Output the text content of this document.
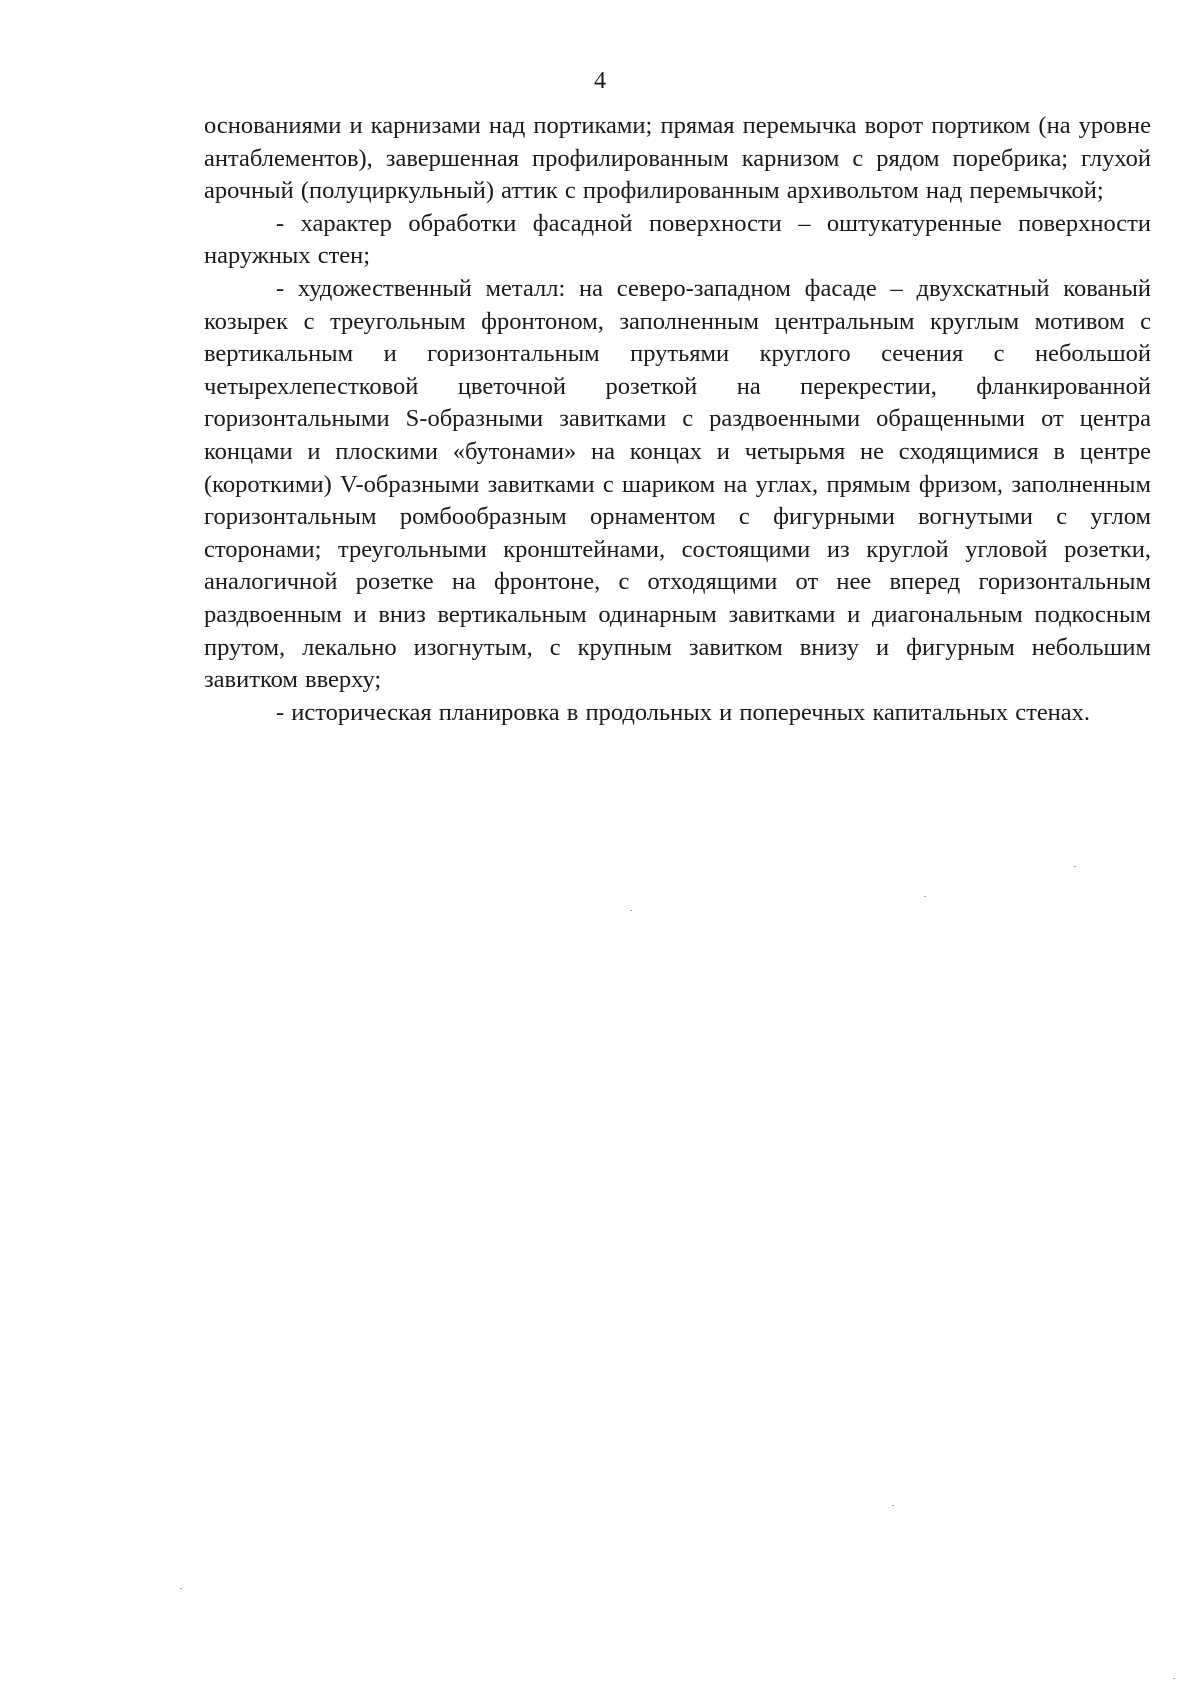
4

основаниями и карнизами над портиками; прямая перемычка ворот портиком (на уровне антаблементов), завершенная профилированным карнизом с рядом поребрика; глухой арочный (полуциркульный) аттик с профилированным архивольтом над перемычкой;

- характер обработки фасадной поверхности – оштукатуренные поверхности наружных стен;

- художественный металл: на северо-западном фасаде – двухскатный кованый козырек с треугольным фронтоном, заполненным центральным круглым мотивом с вертикальным и горизонтальным прутьями круглого сечения с небольшой четырехлепестковой цветочной розеткой на перекрестии, фланкированной горизонтальными S-образными завитками с раздвоенными обращенными от центра концами и плоскими «бутонами» на концах и четырьмя не сходящимися в центре (короткими) V-образными завитками с шариком на углах, прямым фризом, заполненным горизонтальным ромбообразным орнаментом с фигурными вогнутыми с углом сторонами; треугольными кронштейнами, состоящими из круглой угловой розетки, аналогичной розетке на фронтоне, с отходящими от нее вперед горизонтальным раздвоенным и вниз вертикальным одинарным завитками и диагональным подкосным прутом, лекально изогнутым, с крупным завитком внизу и фигурным небольшим завитком вверху;

- историческая планировка в продольных и поперечных капитальных стенах.
